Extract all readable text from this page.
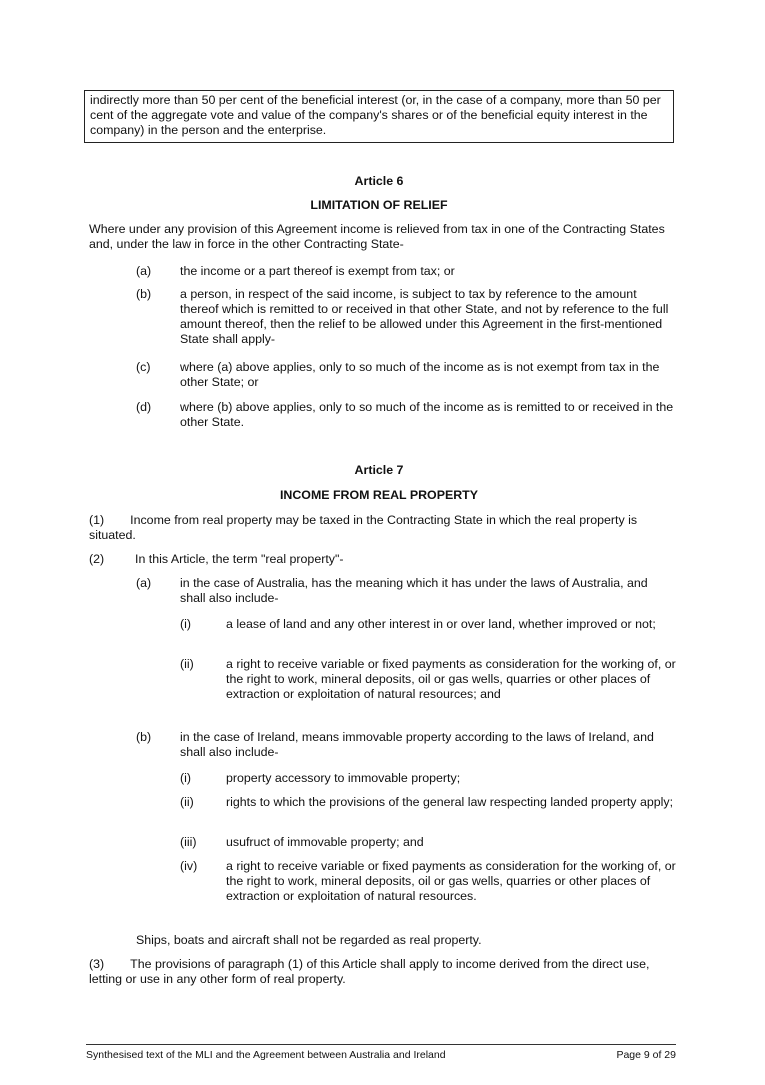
indirectly more than 50 per cent of the beneficial interest (or, in the case of a company, more than 50 per cent of the aggregate vote and value of the company's shares or of the beneficial equity interest in the company) in the person and the enterprise.
Article 6
LIMITATION OF RELIEF
Where under any provision of this Agreement income is relieved from tax in one of the Contracting States and, under the law in force in the other Contracting State-
(a) the income or a part thereof is exempt from tax; or
(b) a person, in respect of the said income, is subject to tax by reference to the amount thereof which is remitted to or received in that other State, and not by reference to the full amount thereof, then the relief to be allowed under this Agreement in the first-mentioned State shall apply-
(c) where (a) above applies, only to so much of the income as is not exempt from tax in the other State; or
(d) where (b) above applies, only to so much of the income as is remitted to or received in the other State.
Article 7
INCOME FROM REAL PROPERTY
(1) Income from real property may be taxed in the Contracting State in which the real property is situated.
(2) In this Article, the term "real property"-
(a) in the case of Australia, has the meaning which it has under the laws of Australia, and shall also include-
(i)	a lease of land and any other interest in or over land, whether improved or not;
(ii)	a right to receive variable or fixed payments as consideration for the working of, or the right to work, mineral deposits, oil or gas wells, quarries or other places of extraction or exploitation of natural resources; and
(b) in the case of Ireland, means immovable property according to the laws of Ireland, and shall also include-
(i)	property accessory to immovable property;
(ii)	rights to which the provisions of the general law respecting landed property apply;
(iii) usufruct of immovable property; and
(iv) a right to receive variable or fixed payments as consideration for the working of, or the right to work, mineral deposits, oil or gas wells, quarries or other places of extraction or exploitation of natural resources.
Ships, boats and aircraft shall not be regarded as real property.
(3) The provisions of paragraph (1) of this Article shall apply to income derived from the direct use, letting or use in any other form of real property.
Synthesised text of the MLI and the Agreement between Australia and Ireland	Page 9 of 29
